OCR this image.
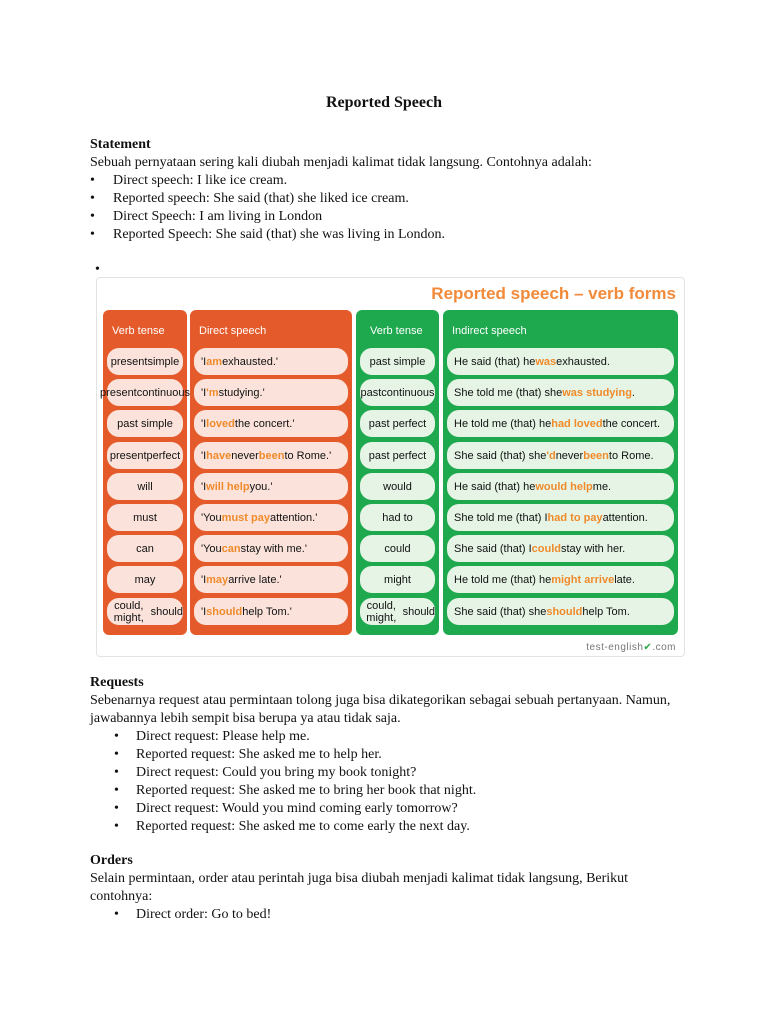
Reported Speech
Statement
Sebuah pernyataan sering kali diubah menjadi kalimat tidak langsung. Contohnya adalah:
• Direct speech: I like ice cream.
• Reported speech: She said (that) she liked ice cream.
• Direct Speech: I am living in London
• Reported Speech: She said (that) she was living in London.
•
Reported speech – verb forms
Verb tense
present simple
present continuous
past simple
present perfect
will
must
can
may
could, might, should
Direct speech
'I am exhausted.'
'I 'm studying.'
'I loved the concert.'
'I have never been to Rome.'
'I will help you.'
'You must pay attention.'
'You can stay with me.'
'I may arrive late.'
'I should help Tom.'
Verb tense
past simple
past continuous
past perfect
past perfect
would
had to
could
might
could, might, should
Indirect speech
He said (that) he was exhausted.
She told me (that) she was studying .
He told me (that) he had loved the concert.
She said (that) she 'd never been to Rome.
He said (that) he would help me.
She told me (that) I had to pay attention.
She said (that) I could stay with her.
He told me (that) he might arrive late.
She said (that) she should help Tom.
test-english✔.com
Requests
Sebenarnya request atau permintaan tolong juga bisa dikategorikan sebagai sebuah pertanyaan. Namun, jawabannya lebih sempit bisa berupa ya atau tidak saja.
• Direct request: Please help me.
• Reported request: She asked me to help her.
• Direct request: Could you bring my book tonight?
• Reported request: She asked me to bring her book that night.
• Direct request: Would you mind coming early tomorrow?
• Reported request: She asked me to come early the next day.
Orders
Selain permintaan, order atau perintah juga bisa diubah menjadi kalimat tidak langsung, Berikut contohnya:
• Direct order: Go to bed!
